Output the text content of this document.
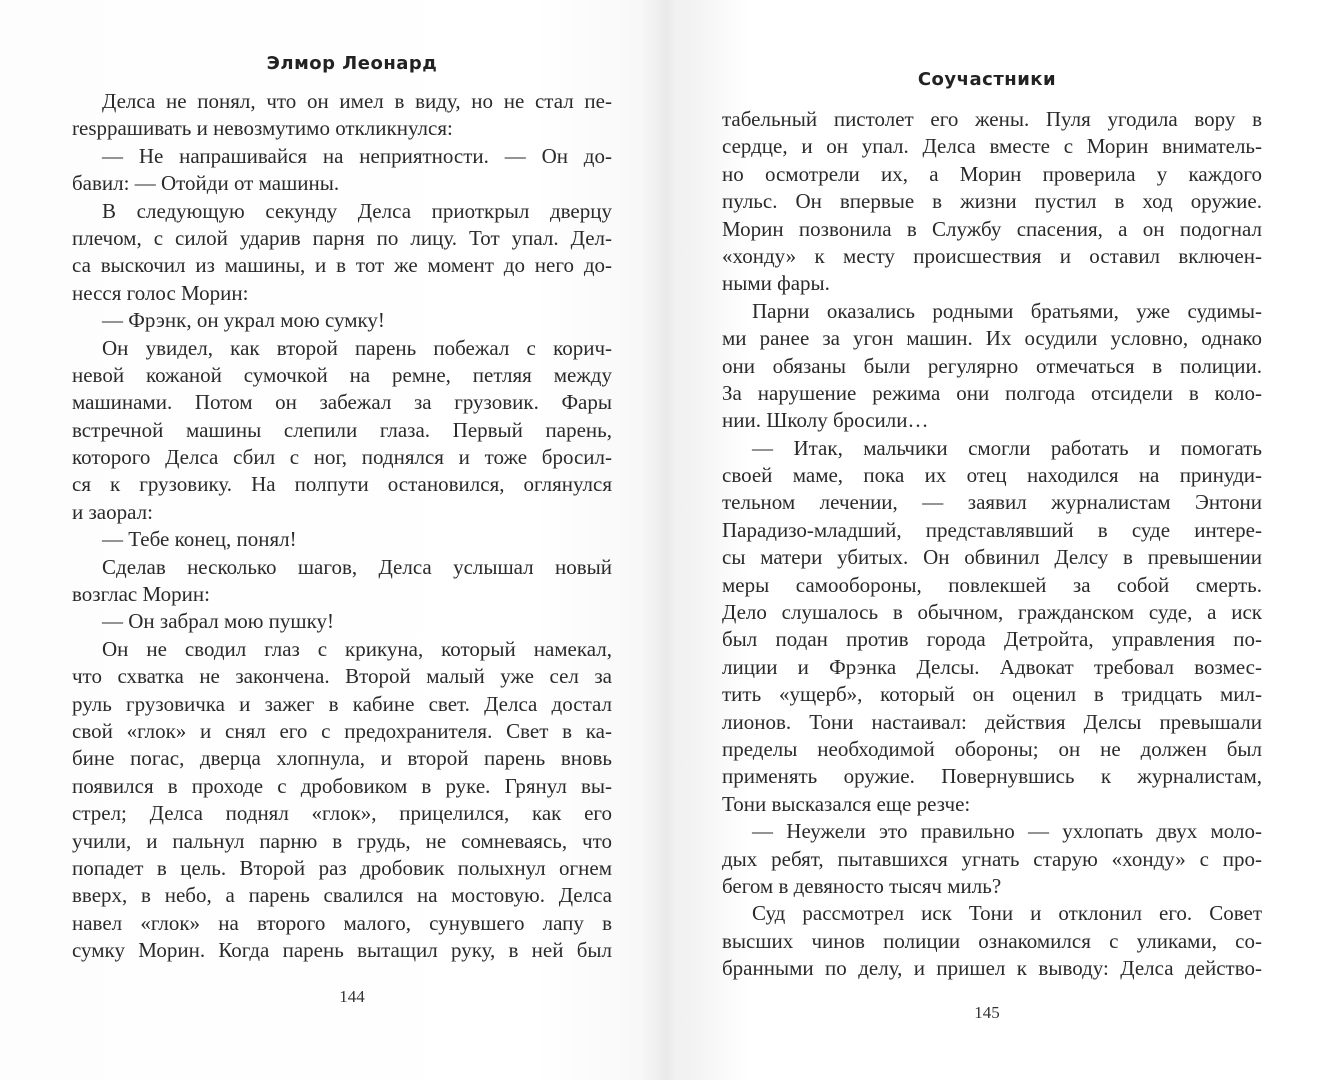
Элмор Леонард
Делса не понял, что он имел в виду, но не стал пе-
respрашивать и невозмутимо откликнулся:
— Не напрашивайся на неприятности. — Он до-
бавил: — Отойди от машины.
В следующую секунду Делса приоткрыл дверцу
плечом, с силой ударив парня по лицу. Тот упал. Дел-
са выскочил из машины, и в тот же момент до него до-
несся голос Морин:
— Фрэнк, он украл мою сумку!
Он увидел, как второй парень побежал с корич-
невой кожаной сумочкой на ремне, петляя между
машинами. Потом он забежал за грузовик. Фары
встречной машины слепили глаза. Первый парень,
которого Делса сбил с ног, поднялся и тоже бросил-
ся к грузовику. На полпути остановился, оглянулся
и заорал:
— Тебе конец, понял!
Сделав несколько шагов, Делса услышал новый
возглас Морин:
— Он забрал мою пушку!
Он не сводил глаз с крикуна, который намекал,
что схватка не закончена. Второй малый уже сел за
руль грузовичка и зажег в кабине свет. Делса достал
свой «глок» и снял его с предохранителя. Свет в ка-
бине погас, дверца хлопнула, и второй парень вновь
появился в проходе с дробовиком в руке. Грянул вы-
стрел; Делса поднял «глок», прицелился, как его
учили, и пальнул парню в грудь, не сомневаясь, что
попадет в цель. Второй раз дробовик полыхнул огнем
вверх, в небо, а парень свалился на мостовую. Делса
навел «глок» на второго малого, сунувшего лапу в
сумку Морин. Когда парень вытащил руку, в ней был
144
Соучастники
табельный пистолет его жены. Пуля угодила вору в
сердце, и он упал. Делса вместе с Морин вниматель-
но осмотрели их, а Морин проверила у каждого
пульс. Он впервые в жизни пустил в ход оружие.
Морин позвонила в Службу спасения, а он подогнал
«хонду» к месту происшествия и оставил включен-
ными фары.
Парни оказались родными братьями, уже судимы-
ми ранее за угон машин. Их осудили условно, однако
они обязаны были регулярно отмечаться в полиции.
За нарушение режима они полгода отсидели в коло-
нии. Школу бросили…
— Итак, мальчики смогли работать и помогать
своей маме, пока их отец находился на принуди-
тельном лечении, — заявил журналистам Энтони
Парадизо-младший, представлявший в суде интере-
сы матери убитых. Он обвинил Делсу в превышении
меры самообороны, повлекшей за собой смерть.
Дело слушалось в обычном, гражданском суде, а иск
был подан против города Детройта, управления по-
лиции и Фрэнка Делсы. Адвокат требовал возмес-
тить «ущерб», который он оценил в тридцать мил-
лионов. Тони настаивал: действия Делсы превышали
пределы необходимой обороны; он не должен был
применять оружие. Повернувшись к журналистам,
Тони высказался еще резче:
— Неужели это правильно — ухлопать двух моло-
дых ребят, пытавшихся угнать старую «хонду» с про-
бегом в девяносто тысяч миль?
Суд рассмотрел иск Тони и отклонил его. Совет
высших чинов полиции ознакомился с уликами, со-
бранными по делу, и пришел к выводу: Делса действо-
145
